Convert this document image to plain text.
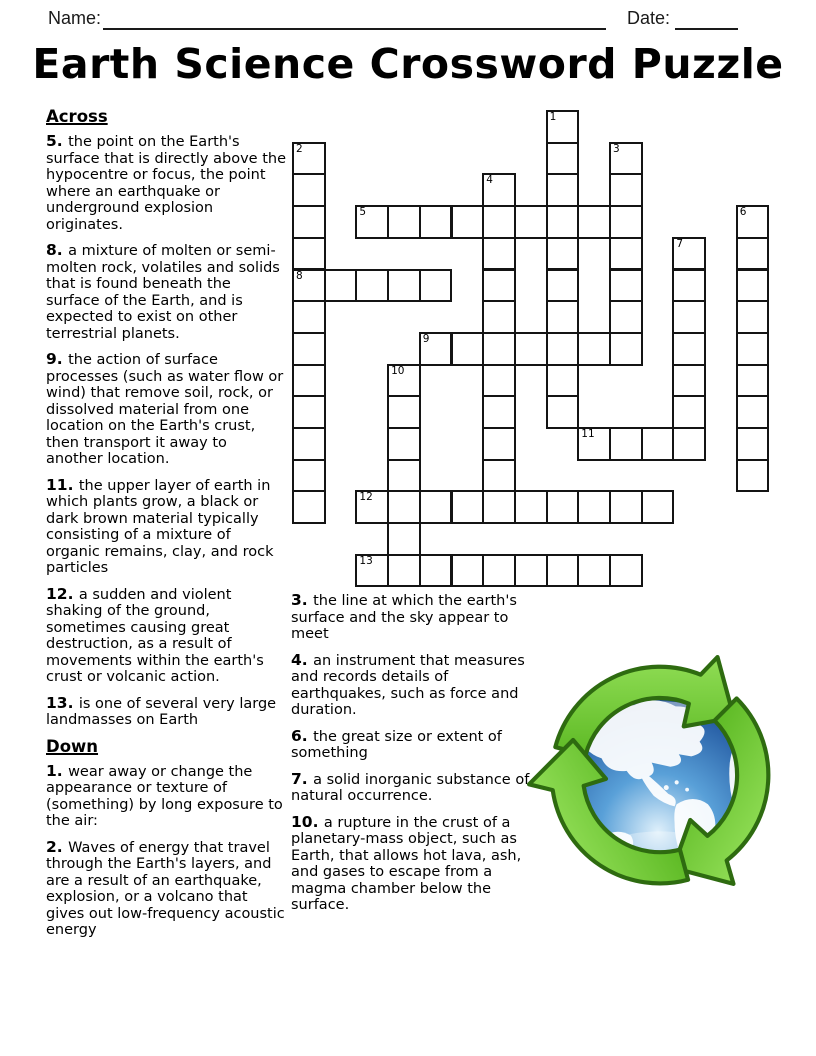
Name:	Date:
Earth Science Crossword Puzzle
Across

5. the point on the Earth's surface that is directly above the hypocentre or focus, the point where an earthquake or underground explosion originates.

8. a mixture of molten or semi-molten rock, volatiles and solids that is found beneath the surface of the Earth, and is expected to exist on other terrestrial planets.

9. the action of surface processes (such as water flow or wind) that remove soil, rock, or dissolved material from one location on the Earth's crust, then transport it away to another location.

11. the upper layer of earth in which plants grow, a black or dark brown material typically consisting of a mixture of organic remains, clay, and rock particles

12. a sudden and violent shaking of the ground, sometimes causing great destruction, as a result of movements within the earth's crust or volcanic action.

13. is one of several very large landmasses on Earth

Down

1. wear away or change the appearance or texture of (something) by long exposure to the air:

2. Waves of energy that travel through the Earth's layers, and are a result of an earthquake, explosion, or a volcano that gives out low-frequency acoustic energy

3. the line at which the earth's surface and the sky appear to meet

4. an instrument that measures and records details of earthquakes, such as force and duration.

6. the great size or extent of something

7. a solid inorganic substance of natural occurrence.

10. a rupture in the crust of a planetary-mass object, such as Earth, that allows hot lava, ash, and gases to escape from a magma chamber below the surface.

1
2
8
3
4
5	6
7
9
10
11
12
13
